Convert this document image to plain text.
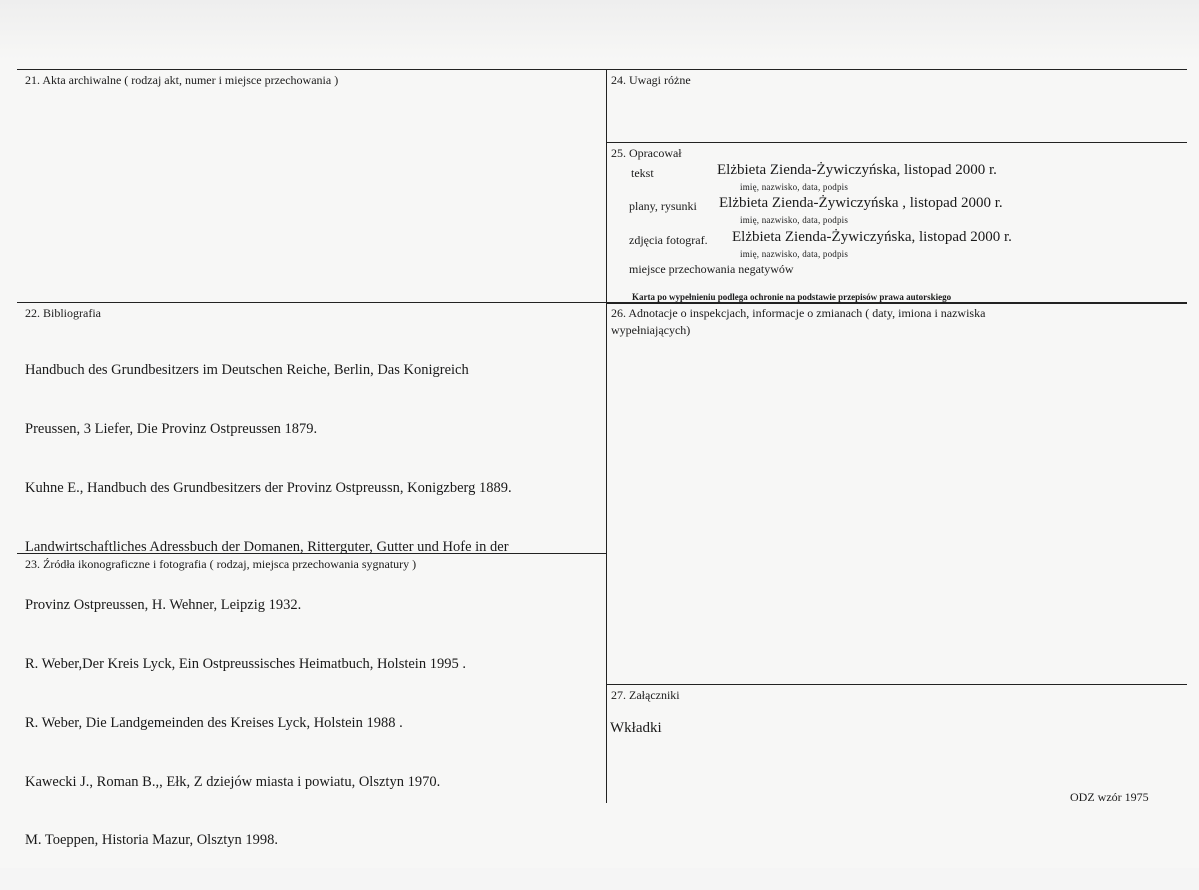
21. Akta archiwalne ( rodzaj akt, numer i miejsce przechowania )	24. Uwagi różne
25. Opracował
tekst	Elżbieta Zienda-Żywiczyńska, listopad 2000 r.
imię, nazwisko, data, podpis
plany, rysunki Elżbieta Zienda-Żywiczyńska , listopad 2000 r.
imię, nazwisko, data, podpis
zdjęcia fotograf. Elżbieta Zienda-Żywiczyńska, listopad 2000 r.
imię, nazwisko, data, podpis
miejsce przechowania negatywów
Karta po wypełnieniu podlega ochronie na podstawie przepisów prawa autorskiego
22. Bibliografia

Handbuch des Grundbesitzers im Deutschen Reiche, Berlin, Das Konigreich

Preussen, 3 Liefer, Die Provinz Ostpreussen 1879.

Kuhne E., Handbuch des Grundbesitzers der Provinz Ostpreussn, Konigzberg 1889.

Landwirtschaftliches Adressbuch der Domanen, Ritterguter, Gutter und Hofe in der

Provinz Ostpreussen, H. Wehner, Leipzig 1932.

R. Weber,Der Kreis Lyck, Ein Ostpreussisches Heimatbuch, Holstein 1995 .

R. Weber, Die Landgemeinden des Kreises Lyck, Holstein 1988 .

Kawecki J., Roman B.,, Ełk, Z dziejów miasta i powiatu, Olsztyn 1970.

M. Toeppen, Historia Mazur, Olsztyn 1998.

26. Adnotacje o inspekcjach, informacje o zmianach ( daty, imiona i nazwiska
wypełniających)
23. Źródła ikonograficzne i fotografia ( rodzaj, miejsca przechowania sygnatury )
27. Załączniki
Wkładki
ODZ wzór 1975
